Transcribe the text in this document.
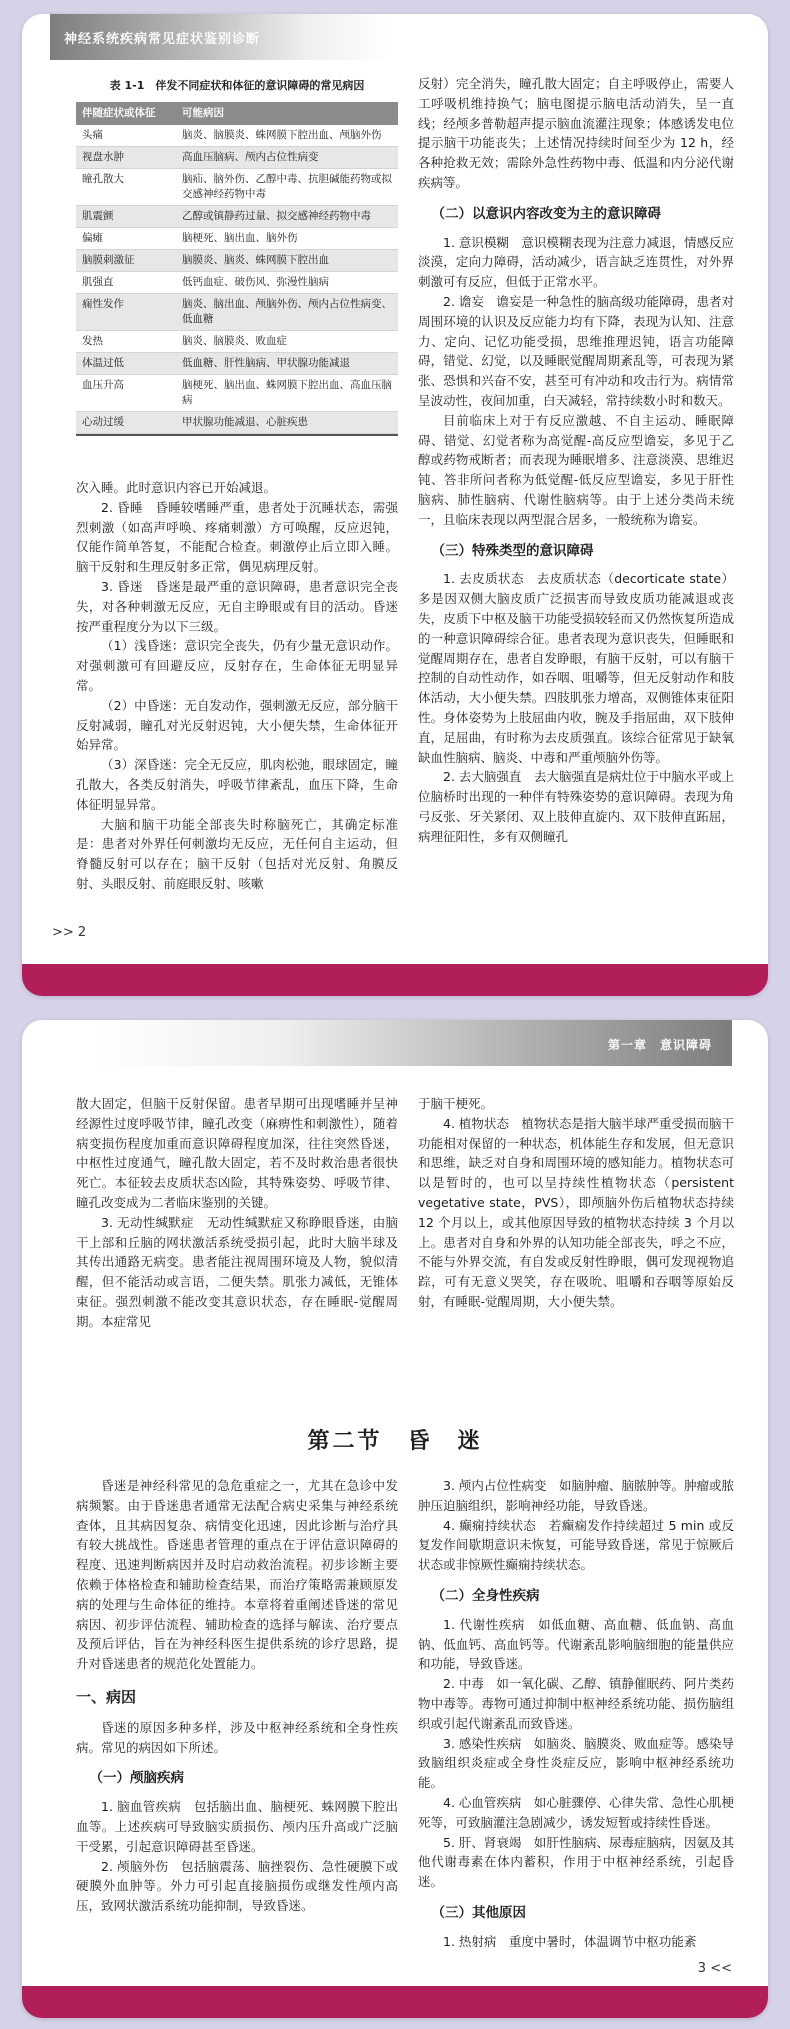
神经系统疾病常见症状鉴别诊断
表 1-1　伴发不同症状和体征的意识障碍的常见病因
伴随症状或体征	可能病因
头痛	脑炎、脑膜炎、蛛网膜下腔出血、颅脑外伤
视盘水肿	高血压脑病、颅内占位性病变
瞳孔散大	脑疝、脑外伤、乙醇中毒、抗胆碱能药物或拟交感神经药物中毒
肌震颤	乙醇或镇静药过量、拟交感神经药物中毒
偏瘫	脑梗死、脑出血、脑外伤
脑膜刺激征	脑膜炎、脑炎、蛛网膜下腔出血
肌强直	低钙血症、破伤风、弥漫性脑病
痫性发作	脑炎、脑出血、颅脑外伤、颅内占位性病变、低血糖
发热	脑炎、脑膜炎、败血症
体温过低	低血糖、肝性脑病、甲状腺功能减退
血压升高	脑梗死、脑出血、蛛网膜下腔出血、高血压脑病
心动过缓	甲状腺功能减退、心脏疾患

次入睡。此时意识内容已开始减退。

2. 昏睡　昏睡较嗜睡严重，患者处于沉睡状态，需强烈刺激（如高声呼唤、疼痛刺激）方可唤醒，反应迟钝，仅能作简单答复，不能配合检查。刺激停止后立即入睡。脑干反射和生理反射多正常，偶见病理反射。

3. 昏迷　昏迷是最严重的意识障碍，患者意识完全丧失，对各种刺激无反应，无自主睁眼或有目的活动。昏迷按严重程度分为以下三级。

（1）浅昏迷：意识完全丧失，仍有少量无意识动作。对强刺激可有回避反应，反射存在，生命体征无明显异常。

（2）中昏迷：无自发动作，强刺激无反应，部分脑干反射减弱，瞳孔对光反射迟钝，大小便失禁，生命体征开始异常。

（3）深昏迷：完全无反应，肌肉松弛，眼球固定，瞳孔散大，各类反射消失，呼吸节律紊乱，血压下降，生命体征明显异常。

大脑和脑干功能全部丧失时称脑死亡，其确定标准是：患者对外界任何刺激均无反应，无任何自主运动，但脊髓反射可以存在；脑干反射（包括对光反射、角膜反射、头眼反射、前庭眼反射、咳嗽

反射）完全消失，瞳孔散大固定；自主呼吸停止，需要人工呼吸机维持换气；脑电图提示脑电活动消失，呈一直线；经颅多普勒超声提示脑血流灌注现象；体感诱发电位提示脑干功能丧失；上述情况持续时间至少为 12 h，经各种抢救无效；需除外急性药物中毒、低温和内分泌代谢疾病等。

（二）以意识内容改变为主的意识障碍

1. 意识模糊　意识模糊表现为注意力减退，情感反应淡漠，定向力障碍，活动减少，语言缺乏连贯性，对外界刺激可有反应，但低于正常水平。

2. 谵妄　谵妄是一种急性的脑高级功能障碍，患者对周围环境的认识及反应能力均有下降，表现为认知、注意力、定向、记忆功能受损，思维推理迟钝，语言功能障碍，错觉、幻觉，以及睡眠觉醒周期紊乱等，可表现为紧张、恐惧和兴奋不安，甚至可有冲动和攻击行为。病情常呈波动性，夜间加重，白天减轻，常持续数小时和数天。

目前临床上对于有反应激越、不自主运动、睡眠障碍、错觉、幻觉者称为高觉醒-高反应型谵妄，多见于乙醇或药物戒断者；而表现为睡眠增多、注意淡漠、思维迟钝、答非所问者称为低觉醒-低反应型谵妄，多见于肝性脑病、肺性脑病、代谢性脑病等。由于上述分类尚未统一，且临床表现以两型混合居多，一般统称为谵妄。

（三）特殊类型的意识障碍

1. 去皮质状态　去皮质状态（decorticate state）多是因双侧大脑皮质广泛损害而导致皮质功能减退或丧失，皮质下中枢及脑干功能受损较轻而又仍然恢复所造成的一种意识障碍综合征。患者表现为意识丧失，但睡眠和觉醒周期存在，患者自发睁眼，有脑干反射，可以有脑干控制的自动性动作，如吞咽、咀嚼等，但无反射动作和肢体活动，大小便失禁。四肢肌张力增高，双侧锥体束征阳性。身体姿势为上肢屈曲内收，腕及手指屈曲，双下肢伸直，足屈曲，有时称为去皮质强直。该综合征常见于缺氧缺血性脑病、脑炎、中毒和严重颅脑外伤等。

2. 去大脑强直　去大脑强直是病灶位于中脑水平或上位脑桥时出现的一种伴有特殊姿势的意识障碍。表现为角弓反张、牙关紧闭、双上肢伸直旋内、双下肢伸直跖屈，病理征阳性，多有双侧瞳孔

>> 2
第一章　意识障碍

散大固定，但脑干反射保留。患者早期可出现嗜睡并呈神经源性过度呼吸节律，瞳孔改变（麻痹性和刺激性），随着病变损伤程度加重而意识障碍程度加深，往往突然昏迷，中枢性过度通气，瞳孔散大固定，若不及时救治患者很快死亡。本征较去皮质状态凶险，其特殊姿势、呼吸节律、瞳孔改变成为二者临床鉴别的关键。

3. 无动性缄默症　无动性缄默症又称睁眼昏迷，由脑干上部和丘脑的网状激活系统受损引起，此时大脑半球及其传出通路无病变。患者能注视周围环境及人物，貌似清醒，但不能活动或言语，二便失禁。肌张力减低，无锥体束征。强烈刺激不能改变其意识状态，存在睡眠-觉醒周期。本症常见

于脑干梗死。

4. 植物状态　植物状态是指大脑半球严重受损而脑干功能相对保留的一种状态，机体能生存和发展，但无意识和思维，缺乏对自身和周围环境的感知能力。植物状态可以是暂时的，也可以呈持续性植物状态（persistent vegetative state，PVS），即颅脑外伤后植物状态持续 12 个月以上，或其他原因导致的植物状态持续 3 个月以上。患者对自身和外界的认知功能全部丧失，呼之不应，不能与外界交流，有自发或反射性睁眼，偶可发现视物追踪，可有无意义哭笑，存在吸吮、咀嚼和吞咽等原始反射，有睡眠-觉醒周期，大小便失禁。

第二节　昏　迷

昏迷是神经科常见的急危重症之一，尤其在急诊中发病频繁。由于昏迷患者通常无法配合病史采集与神经系统查体，且其病因复杂、病情变化迅速，因此诊断与治疗具有较大挑战性。昏迷患者管理的重点在于评估意识障碍的程度、迅速判断病因并及时启动救治流程。初步诊断主要依赖于体格检查和辅助检查结果，而治疗策略需兼顾原发病的处理与生命体征的维持。本章将着重阐述昏迷的常见病因、初步评估流程、辅助检查的选择与解读、治疗要点及预后评估，旨在为神经科医生提供系统的诊疗思路，提升对昏迷患者的规范化处置能力。

一、病因

昏迷的原因多种多样，涉及中枢神经系统和全身性疾病。常见的病因如下所述。

（一）颅脑疾病

1. 脑血管疾病　包括脑出血、脑梗死、蛛网膜下腔出血等。上述疾病可导致脑实质损伤、颅内压升高或广泛脑干受累，引起意识障碍甚至昏迷。

2. 颅脑外伤　包括脑震荡、脑挫裂伤、急性硬膜下或硬膜外血肿等。外力可引起直接脑损伤或继发性颅内高压，致网状激活系统功能抑制，导致昏迷。

3. 颅内占位性病变　如脑肿瘤、脑脓肿等。肿瘤或脓肿压迫脑组织，影响神经功能，导致昏迷。

4. 癫痫持续状态　若癫痫发作持续超过 5 min 或反复发作间歇期意识未恢复，可能导致昏迷，常见于惊厥后状态或非惊厥性癫痫持续状态。

（二）全身性疾病

1. 代谢性疾病　如低血糖、高血糖、低血钠、高血钠、低血钙、高血钙等。代谢紊乱影响脑细胞的能量供应和功能，导致昏迷。

2. 中毒　如一氧化碳、乙醇、镇静催眠药、阿片类药物中毒等。毒物可通过抑制中枢神经系统功能、损伤脑组织或引起代谢紊乱而致昏迷。

3. 感染性疾病　如脑炎、脑膜炎、败血症等。感染导致脑组织炎症或全身性炎症反应，影响中枢神经系统功能。

4. 心血管疾病　如心脏骤停、心律失常、急性心肌梗死等，可致脑灌注急剧减少，诱发短暂或持续性昏迷。

5. 肝、肾衰竭　如肝性脑病、尿毒症脑病，因氨及其他代谢毒素在体内蓄积，作用于中枢神经系统，引起昏迷。

（三）其他原因

1. 热射病　重度中暑时，体温调节中枢功能紊

3 <<
